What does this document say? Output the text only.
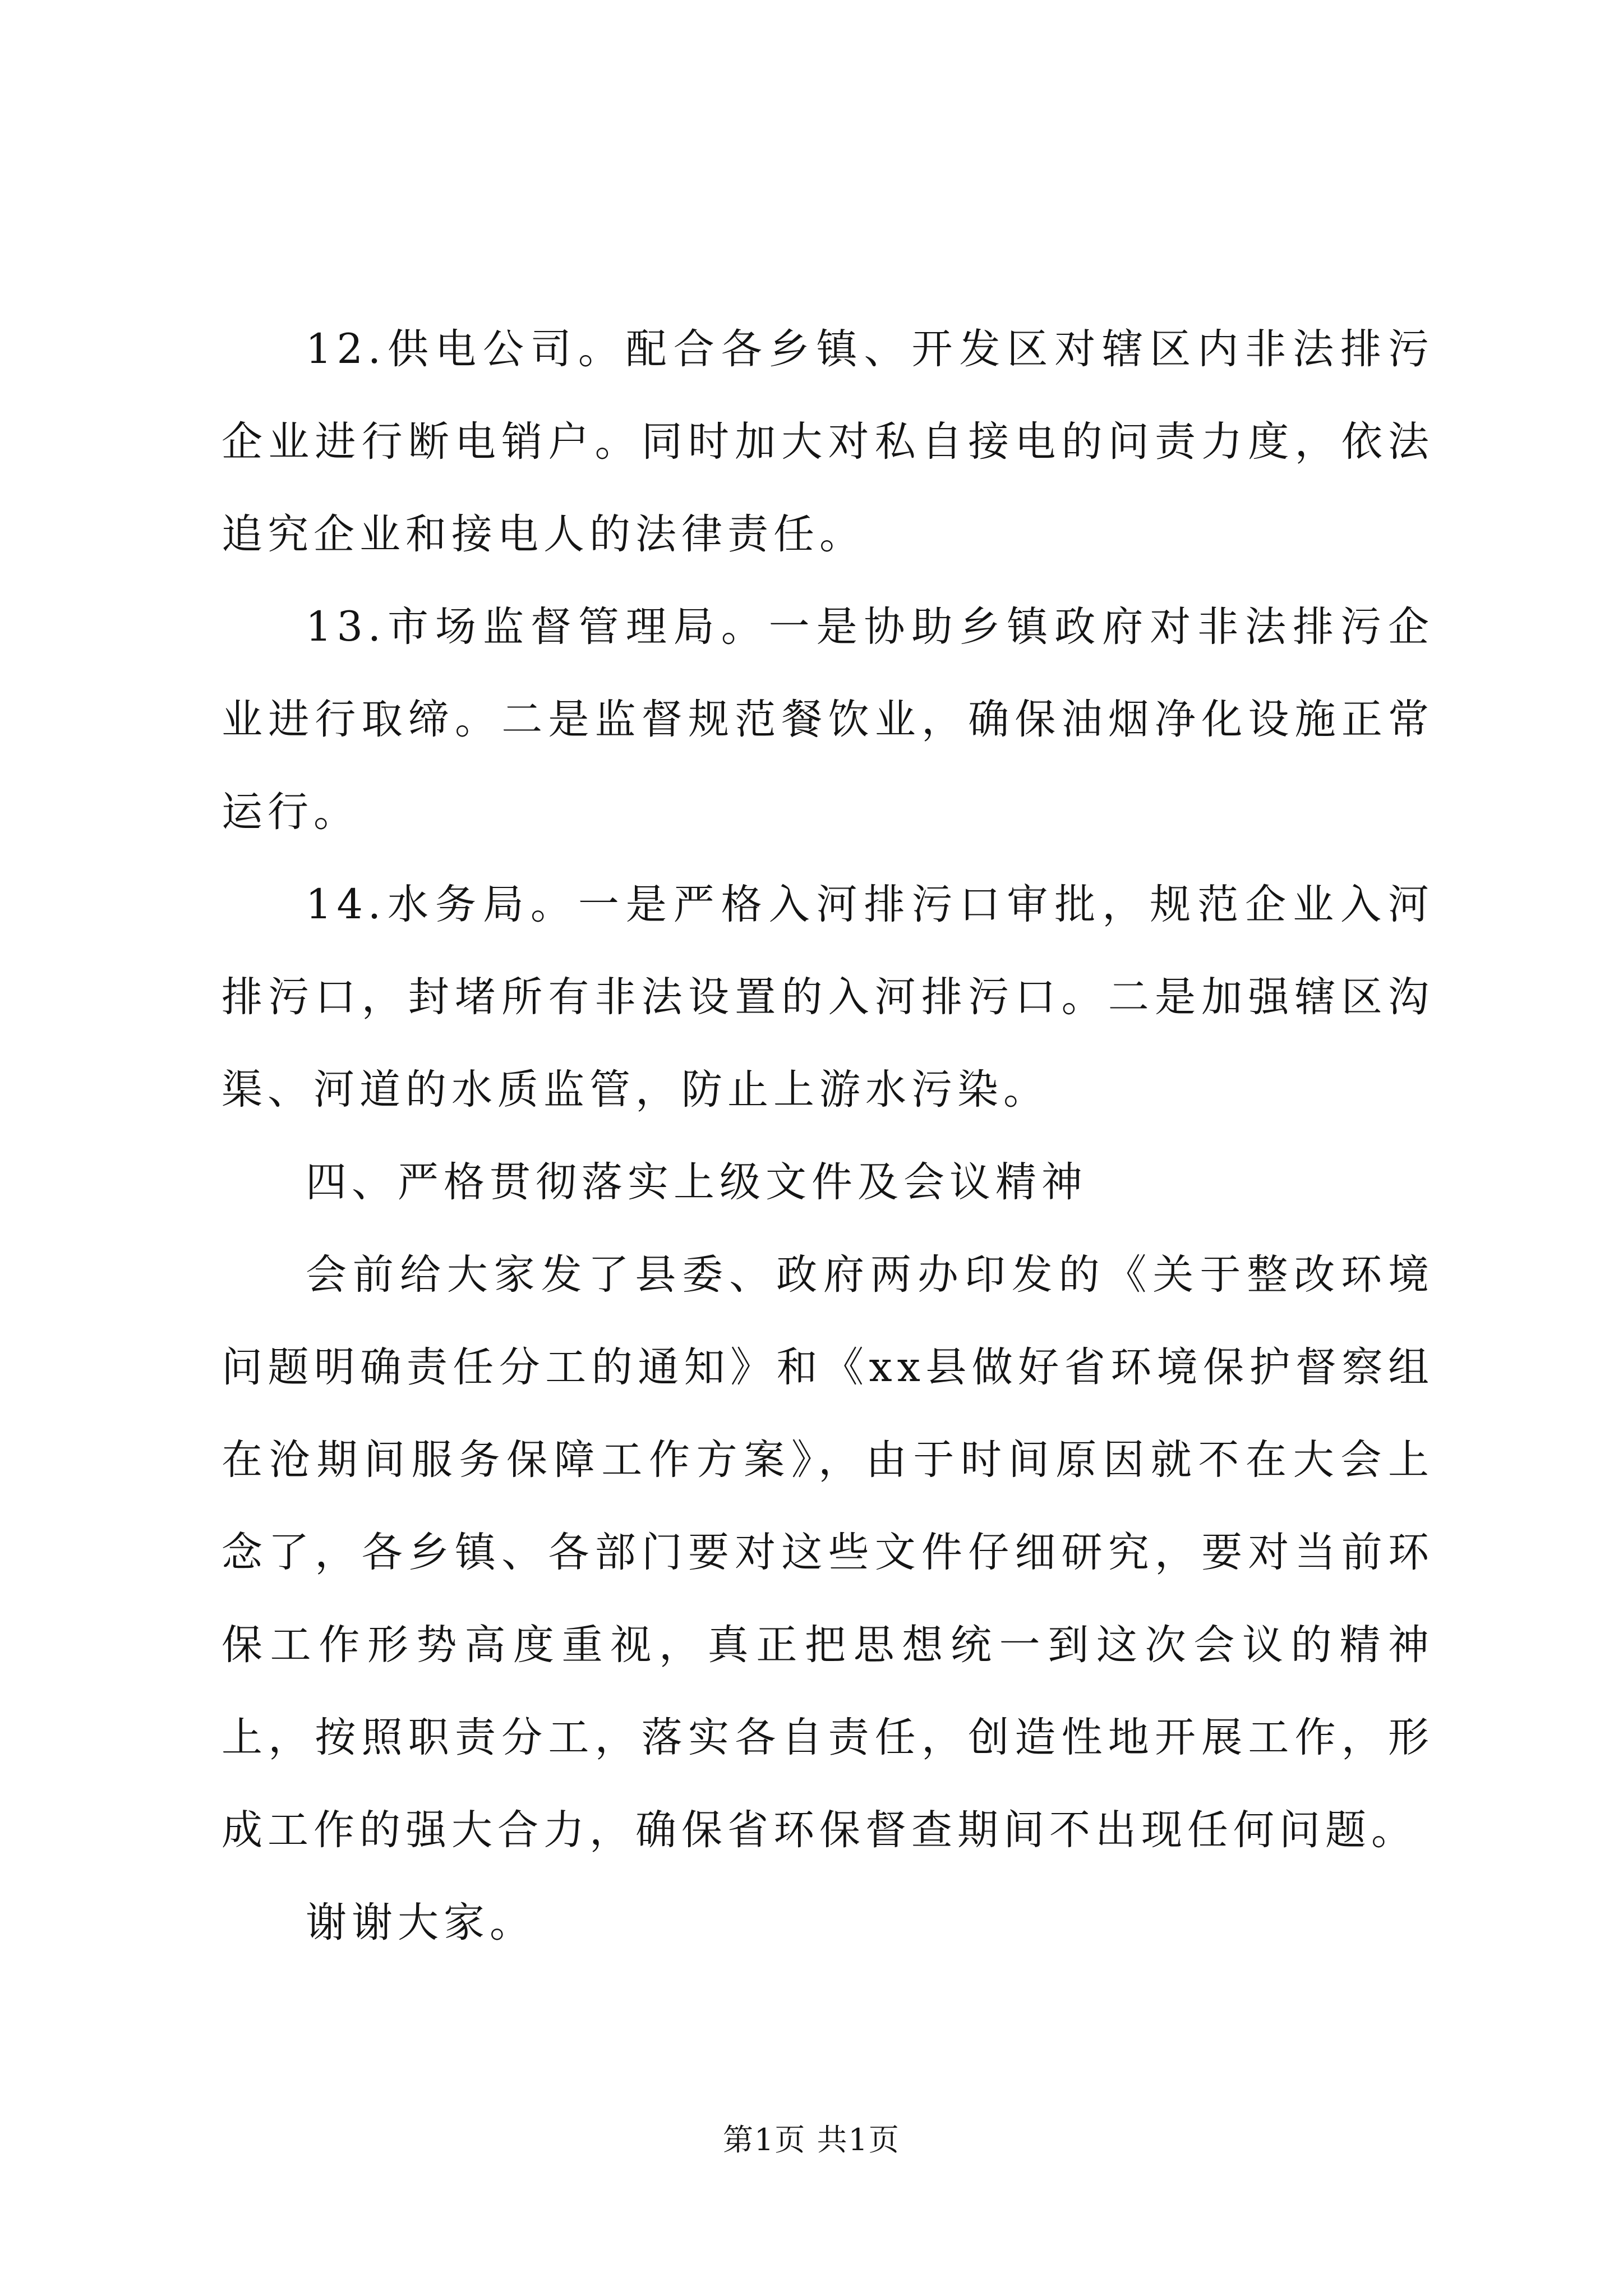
12.供电公司。配合各乡镇、开发区对辖区内非法排污企业进行断电销户。同时加大对私自接电的问责力度，依法追究企业和接电人的法律责任。

13.市场监督管理局。一是协助乡镇政府对非法排污企业进行取缔。二是监督规范餐饮业，确保油烟净化设施正常运行。

14.水务局。一是严格入河排污口审批，规范企业入河排污口，封堵所有非法设置的入河排污口。二是加强辖区沟渠、河道的水质监管，防止上游水污染。

四、严格贯彻落实上级文件及会议精神

会前给大家发了县委、政府两办印发的《关于整改环境问题明确责任分工的通知》和《xx县做好省环境保护督察组在沧期间服务保障工作方案》，由于时间原因就不在大会上念了，各乡镇、各部门要对这些文件仔细研究，要对当前环保工作形势高度重视，真正把思想统一到这次会议的精神上，按照职责分工，落实各自责任，创造性地开展工作，形成工作的强大合力，确保省环保督查期间不出现任何问题。

谢谢大家。

第1页 共1页
